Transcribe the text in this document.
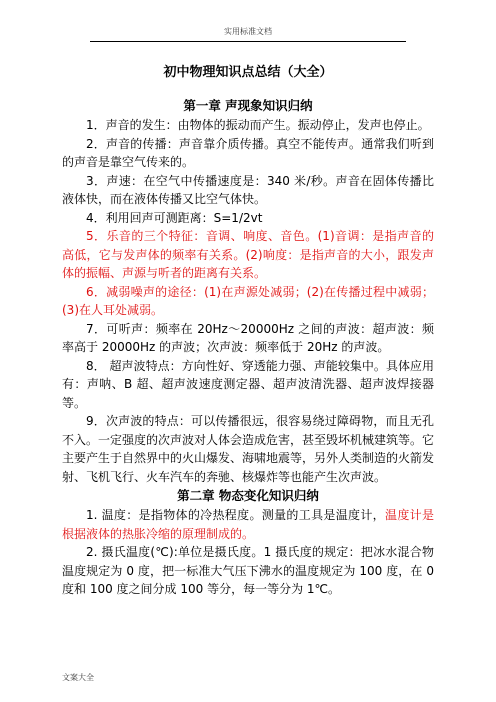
实用标准文档
初中物理知识点总结（大全）
第一章 声现象知识归纳

1．声音的发生：由物体的振动而产生。振动停止，发声也停止。

2．声音的传播：声音靠介质传播。真空不能传声。通常我们听到的声音是靠空气传来的。

3．声速：在空气中传播速度是：340 米/秒。声音在固体传播比液体快，而在液体传播又比空气体快。

4．利用回声可测距离：S=1/2vt

5．乐音的三个特征：音调、响度、音色。(1)音调：是指声音的高低，它与发声体的频率有关系。(2)响度：是指声音的大小，跟发声体的振幅、声源与听者的距离有关系。

6．减弱噪声的途径：(1)在声源处减弱；(2)在传播过程中减弱；(3)在人耳处减弱。

7．可听声：频率在 20Hz～20000Hz 之间的声波：超声波：频率高于 20000Hz 的声波；次声波：频率低于 20Hz 的声波。

8． 超声波特点：方向性好、穿透能力强、声能较集中。具体应用有：声呐、B 超、超声波速度测定器、超声波清洗器、超声波焊接器等。

9．次声波的特点：可以传播很远，很容易绕过障碍物，而且无孔不入。一定强度的次声波对人体会造成危害，甚至毁坏机械建筑等。它主要产生于自然界中的火山爆发、海啸地震等，另外人类制造的火箭发射、飞机飞行、火车汽车的奔驰、核爆炸等也能产生次声波。

第二章 物态变化知识归纳

1. 温度：是指物体的冷热程度。测量的工具是温度计，温度计是根据液体的热胀冷缩的原理制成的。

2. 摄氏温度(℃):单位是摄氏度。1 摄氏度的规定：把冰水混合物温度规定为 0 度，把一标准大气压下沸水的温度规定为 100 度，在 0 度和 100 度之间分成 100 等分，每一等分为 1℃。

文案大全
